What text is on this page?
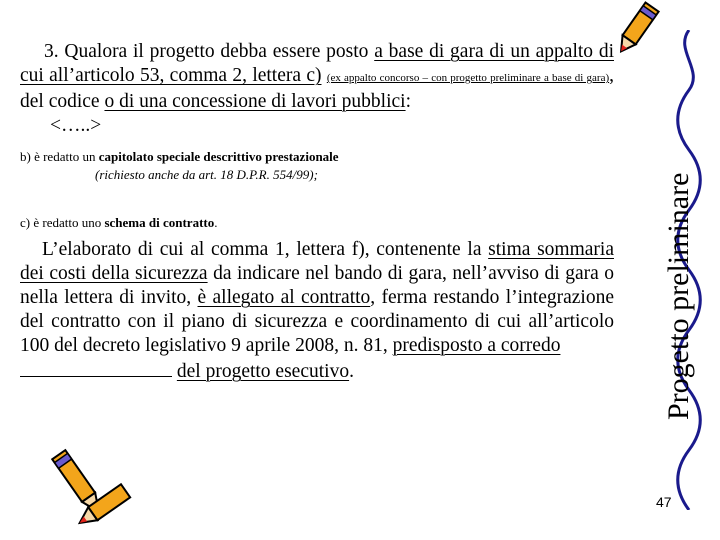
3. Qualora il progetto debba essere posto a base di gara di un appalto di cui all’articolo 53, comma 2, lettera c) (ex appalto concorso – con progetto preliminare a base di gara), del codice o di una concessione di lavori pubblici:
<…..>

b) è redatto un capitolato speciale descrittivo prestazionale
(richiesto anche da art. 18 D.P.R. 554/99);

c) è redatto uno schema di contratto.

L’elaborato di cui al comma 1, lettera f), contenente la stima sommaria dei costi della sicurezza da indicare nel bando di gara, nell’avviso di gara o nella lettera di invito, è allegato al contratto, ferma restando l’integrazione del contratto con il piano di sicurezza e coordinamento di cui all’articolo 100 del decreto legislativo 9 aprile 2008, n. 81, predisposto a corredo
del progetto esecutivo.	Progetto preliminare
47
